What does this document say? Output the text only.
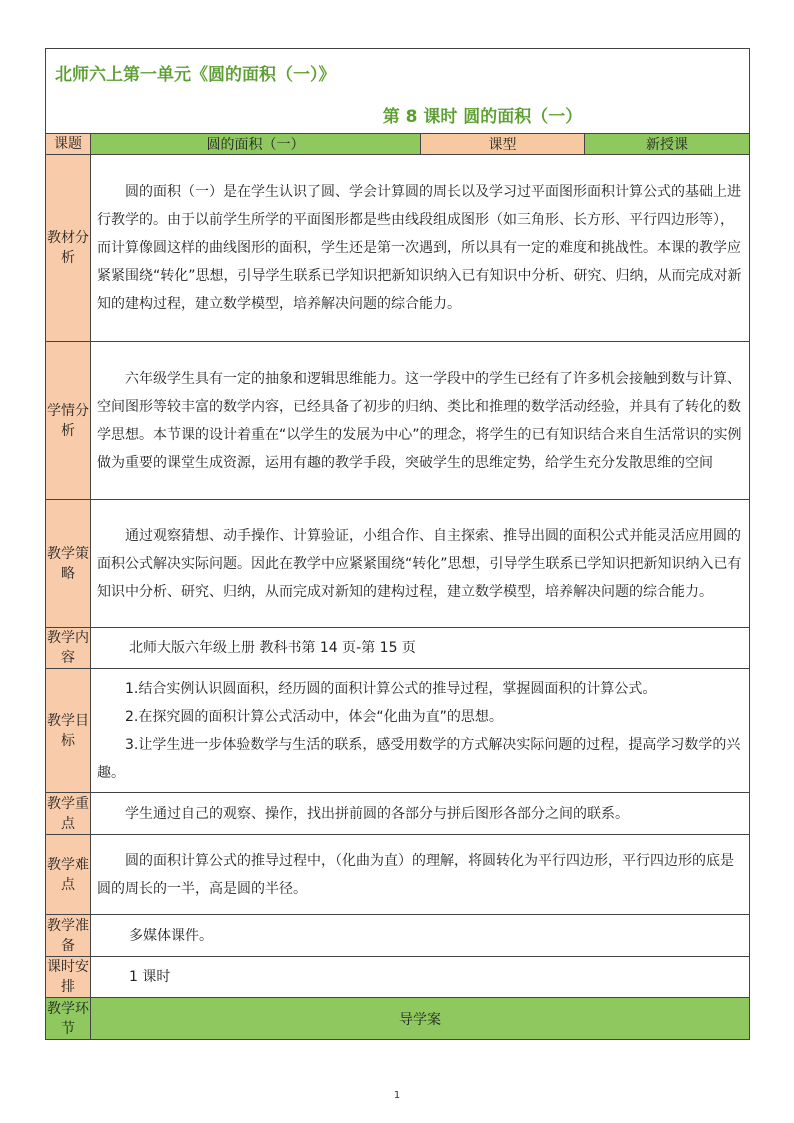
北师六上第一单元《圆的面积（一）》			
第 8 课时 圆的面积（一）			
课题	圆的面积（一）	课型	新授课
教材分析	圆的面积（一）是在学生认识了圆、学会计算圆的周长以及学习过平面图形面积计算公式的基础上进行教学的。由于以前学生所学的平面图形都是些由线段组成图形（如三角形、长方形、平行四边形等），而计算像圆这样的曲线图形的面积，学生还是第一次遇到，所以具有一定的难度和挑战性。本课的教学应紧紧围绕“转化”思想，引导学生联系已学知识把新知识纳入已有知识中分析、研究、归纳，从而完成对新知的建构过程，建立数学模型，培养解决问题的综合能力。		
学情分析	六年级学生具有一定的抽象和逻辑思维能力。这一学段中的学生已经有了许多机会接触到数与计算、空间图形等较丰富的数学内容，已经具备了初步的归纳、类比和推理的数学活动经验，并具有了转化的数学思想。本节课的设计着重在“以学生的发展为中心”的理念，将学生的已有知识结合来自生活常识的实例做为重要的课堂生成资源，运用有趣的教学手段，突破学生的思维定势，给学生充分发散思维的空间		
教学策略	通过观察猜想、动手操作、计算验证，小组合作、自主探索、推导出圆的面积公式并能灵活应用圆的面积公式解决实际问题。因此在教学中应紧紧围绕“转化”思想，引导学生联系已学知识把新知识纳入已有知识中分析、研究、归纳，从而完成对新知的建构过程，建立数学模型，培养解决问题的综合能力。		
教学内容	北师大版六年级上册 教科书第 14 页-第 15 页		
教学目标	1.结合实例认识圆面积，经历圆的面积计算公式的推导过程，掌握圆面积的计算公式。
2.在探究圆的面积计算公式活动中，体会“化曲为直”的思想。
3.让学生进一步体验数学与生活的联系，感受用数学的方式解决实际问题的过程，提高学习数学的兴趣。		

教学重点	学生通过自己的观察、操作，找出拼前圆的各部分与拼后图形各部分之间的联系。		
教学难点	圆的面积计算公式的推导过程中，（化曲为直）的理解，将圆转化为平行四边形，平行四边形的底是圆的周长的一半，高是圆的半径。		
教学准备	多媒体课件。		
课时安排	1 课时		
教学环节	导学案		
1
